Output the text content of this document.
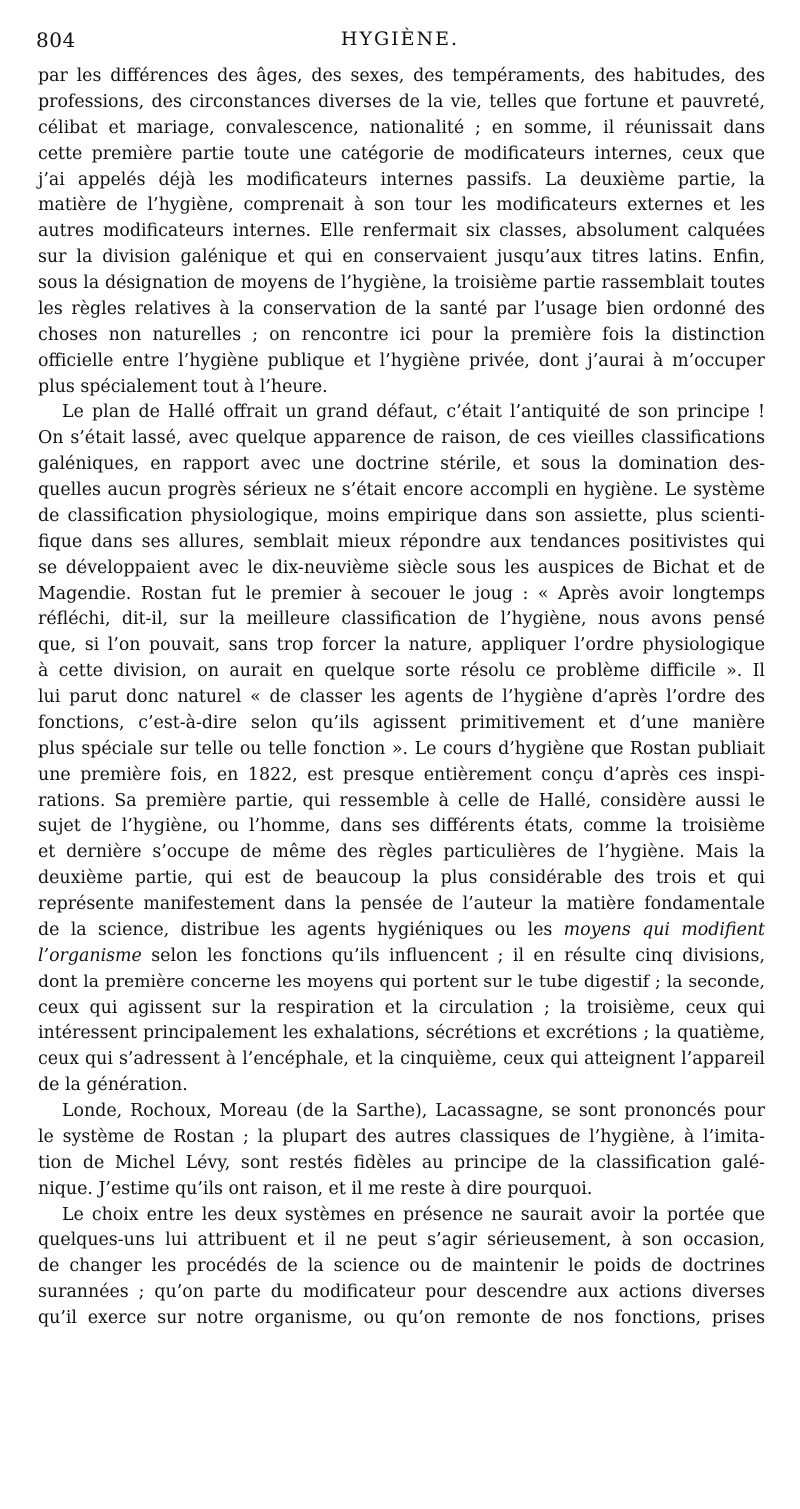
804	HYGIÈNE.
par les différences des âges, des sexes, des tempéraments, des habitudes, des
professions, des circonstances diverses de la vie, telles que fortune et pauvreté,
célibat et mariage, convalescence, nationalité ; en somme, il réunissait dans
cette première partie toute une catégorie de modificateurs internes, ceux que
j’ai appelés déjà les modificateurs internes passifs. La deuxième partie, la
matière de l’hygiène, comprenait à son tour les modificateurs externes et les
autres modificateurs internes. Elle renfermait six classes, absolument calquées
sur la division galénique et qui en conservaient jusqu’aux titres latins. Enfin,
sous la désignation de moyens de l’hygiène, la troisième partie rassemblait toutes
les règles relatives à la conservation de la santé par l’usage bien ordonné des
choses non naturelles ; on rencontre ici pour la première fois la distinction
officielle entre l’hygiène publique et l’hygiène privée, dont j’aurai à m’occuper
plus spécialement tout à l’heure.
Le plan de Hallé offrait un grand défaut, c’était l’antiquité de son principe !
On s’était lassé, avec quelque apparence de raison, de ces vieilles classifications
galéniques, en rapport avec une doctrine stérile, et sous la domination des-
quelles aucun progrès sérieux ne s’était encore accompli en hygiène. Le système
de classification physiologique, moins empirique dans son assiette, plus scienti-
fique dans ses allures, semblait mieux répondre aux tendances positivistes qui
se développaient avec le dix-neuvième siècle sous les auspices de Bichat et de
Magendie. Rostan fut le premier à secouer le joug : « Après avoir longtemps
réfléchi, dit-il, sur la meilleure classification de l’hygiène, nous avons pensé
que, si l’on pouvait, sans trop forcer la nature, appliquer l’ordre physiologique
à cette division, on aurait en quelque sorte résolu ce problème difficile ». Il
lui parut donc naturel « de classer les agents de l’hygiène d’après l’ordre des
fonctions, c’est-à-dire selon qu’ils agissent primitivement et d’une manière
plus spéciale sur telle ou telle fonction ». Le cours d’hygiène que Rostan publiait
une première fois, en 1822, est presque entièrement conçu d’après ces inspi-
rations. Sa première partie, qui ressemble à celle de Hallé, considère aussi le
sujet de l’hygiène, ou l’homme, dans ses différents états, comme la troisième
et dernière s’occupe de même des règles particulières de l’hygiène. Mais la
deuxième partie, qui est de beaucoup la plus considérable des trois et qui
représente manifestement dans la pensée de l’auteur la matière fondamentale
de la science, distribue les agents hygiéniques ou les moyens qui modifient
l’organisme selon les fonctions qu’ils influencent ; il en résulte cinq divisions,
dont la première concerne les moyens qui portent sur le tube digestif ; la seconde,
ceux qui agissent sur la respiration et la circulation ; la troisième, ceux qui
intéressent principalement les exhalations, sécrétions et excrétions ; la quatième,
ceux qui s’adressent à l’encéphale, et la cinquième, ceux qui atteignent l’appareil
de la génération.
Londe, Rochoux, Moreau (de la Sarthe), Lacassagne, se sont prononcés pour
le système de Rostan ; la plupart des autres classiques de l’hygiène, à l’imita-
tion de Michel Lévy, sont restés fidèles au principe de la classification galé-
nique. J’estime qu’ils ont raison, et il me reste à dire pourquoi.
Le choix entre les deux systèmes en présence ne saurait avoir la portée que
quelques-uns lui attribuent et il ne peut s’agir sérieusement, à son occasion,
de changer les procédés de la science ou de maintenir le poids de doctrines
surannées ; qu’on parte du modificateur pour descendre aux actions diverses
qu’il exerce sur notre organisme, ou qu’on remonte de nos fonctions, prises
